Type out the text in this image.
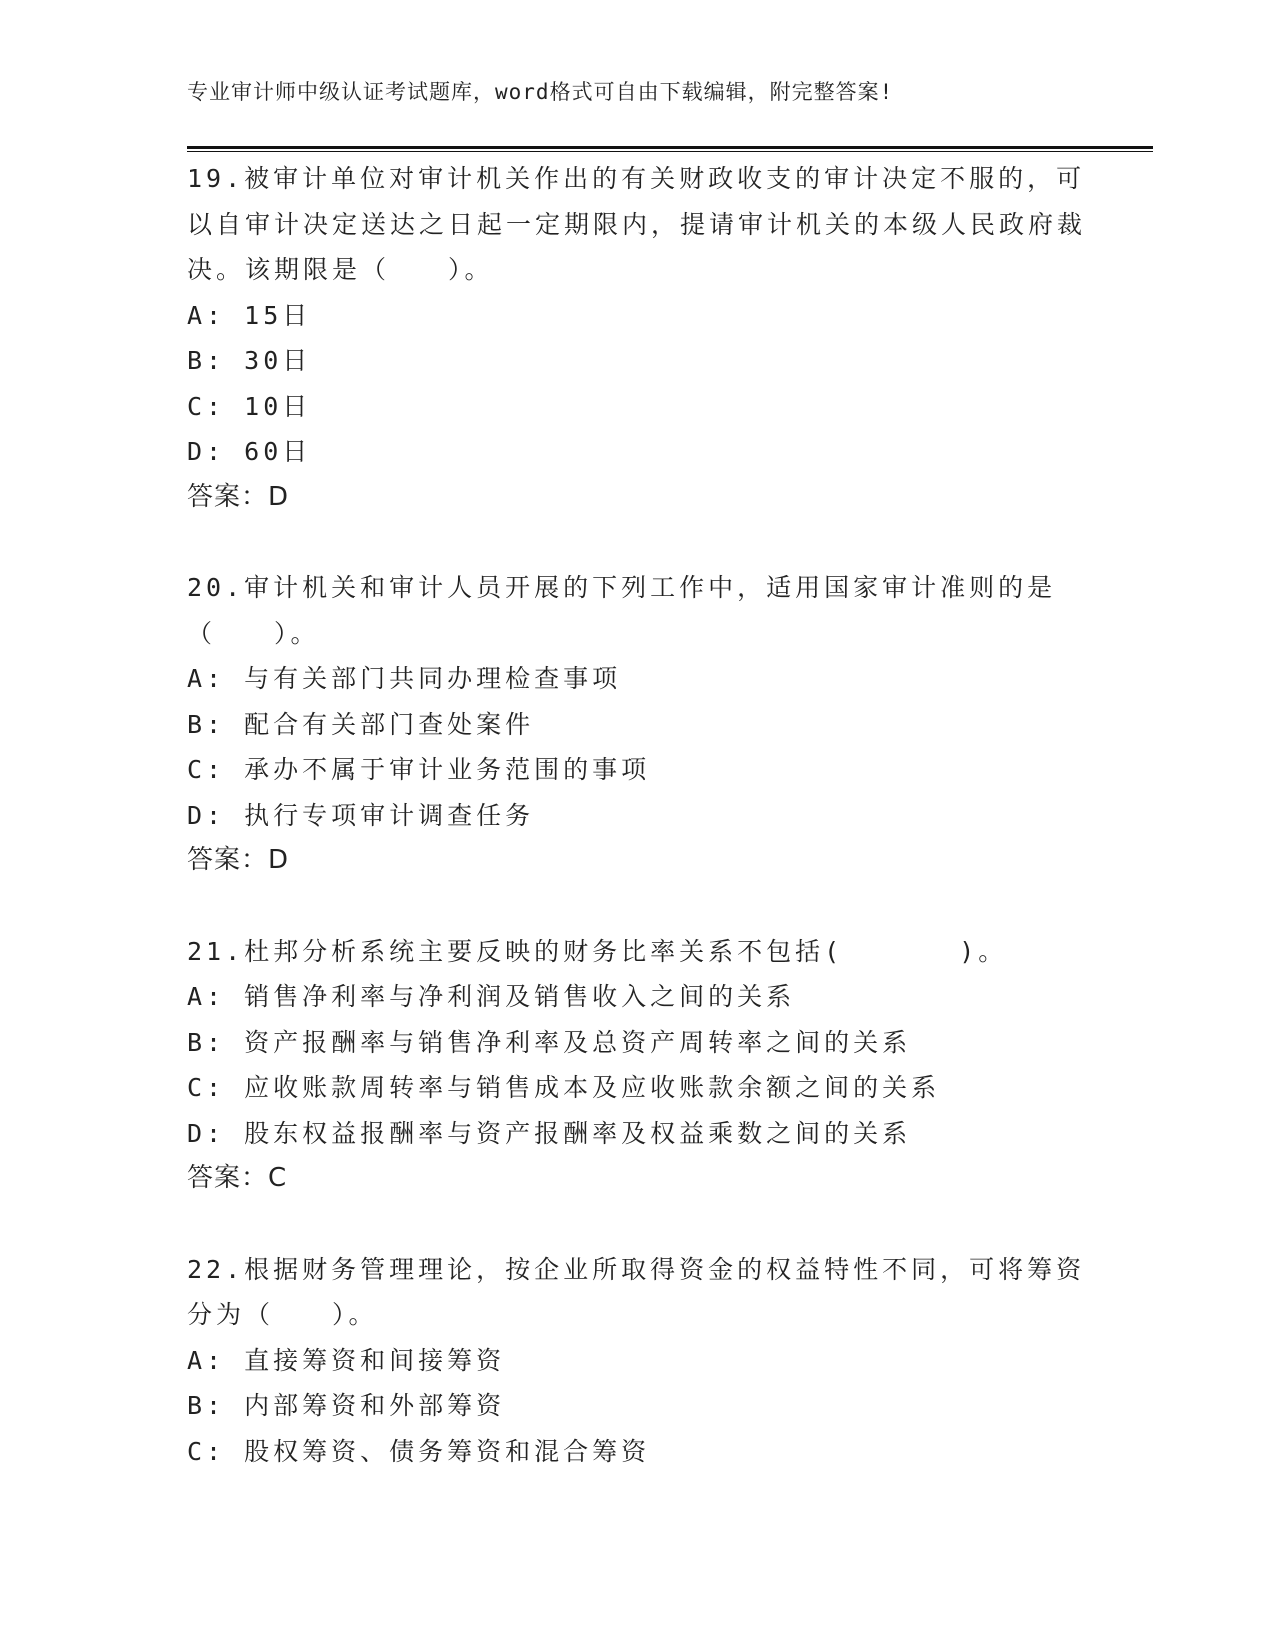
专业审计师中级认证考试题库，word格式可自由下载编辑，附完整答案!

19.被审计单位对审计机关作出的有关财政收支的审计决定不服的，可以自审计决定送达之日起一定期限内，提请审计机关的本级人民政府裁决。该期限是（　　）。

A: 15日

B: 30日

C: 10日

D: 60日

答案：D

20.审计机关和审计人员开展的下列工作中，适用国家审计准则的是（　　）。

A: 与有关部门共同办理检查事项

B: 配合有关部门查处案件

C: 承办不属于审计业务范围的事项

D: 执行专项审计调查任务

答案：D

21.杜邦分析系统主要反映的财务比率关系不包括(　　　　)。

A: 销售净利率与净利润及销售收入之间的关系

B: 资产报酬率与销售净利率及总资产周转率之间的关系

C: 应收账款周转率与销售成本及应收账款余额之间的关系

D: 股东权益报酬率与资产报酬率及权益乘数之间的关系

答案：C

22.根据财务管理理论，按企业所取得资金的权益特性不同，可将筹资分为（　　）。

A: 直接筹资和间接筹资

B: 内部筹资和外部筹资

C: 股权筹资、债务筹资和混合筹资
